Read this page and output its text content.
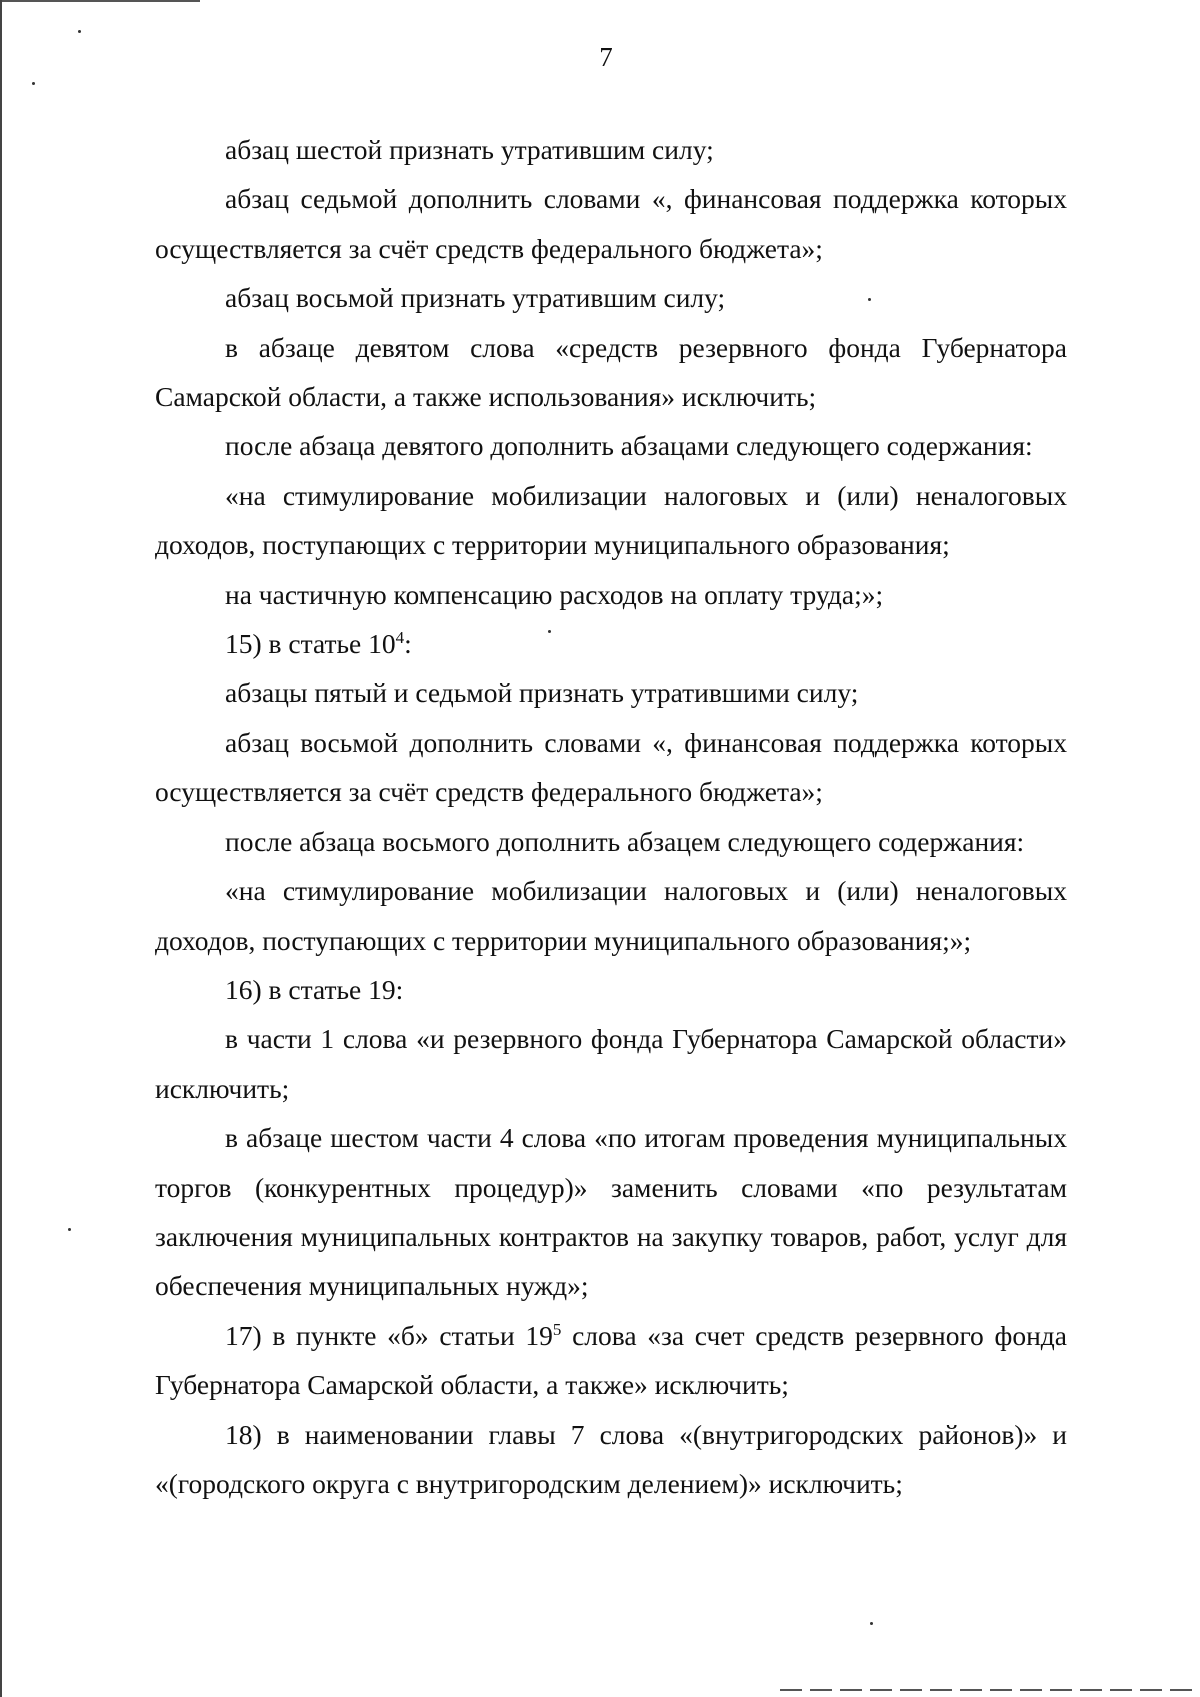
7

абзац шестой признать утратившим силу;

абзац седьмой дополнить словами «, финансовая поддержка которых осуществляется за счёт средств федерального бюджета»;

абзац восьмой признать утратившим силу;

в абзаце девятом слова «средств резервного фонда Губернатора Самарской области, а также использования» исключить;

после абзаца девятого дополнить абзацами следующего содержания:

«на стимулирование мобилизации налоговых и (или) неналоговых доходов, поступающих с территории муниципального образования;

на частичную компенсацию расходов на оплату труда;»;

15) в статье $10^4$:

абзацы пятый и седьмой признать утратившими силу;

абзац восьмой дополнить словами «, финансовая поддержка которых осуществляется за счёт средств федерального бюджета»;

после абзаца восьмого дополнить абзацем следующего содержания:

«на стимулирование мобилизации налоговых и (или) неналоговых доходов, поступающих с территории муниципального образования;»;

16) в статье 19:

в части 1 слова «и резервного фонда Губернатора Самарской области» исключить;

в абзаце шестом части 4 слова «по итогам проведения муниципальных торгов (конкурентных процедур)» заменить словами «по результатам заключения муниципальных контрактов на закупку товаров, работ, услуг для обеспечения муниципальных нужд»;

17) в пункте «б» статьи $19^5$ слова «за счет средств резервного фонда Губернатора Самарской области, а также» исключить;

18) в наименовании главы 7 слова «(внутригородских районов)» и «(городского округа с внутригородским делением)» исключить;
